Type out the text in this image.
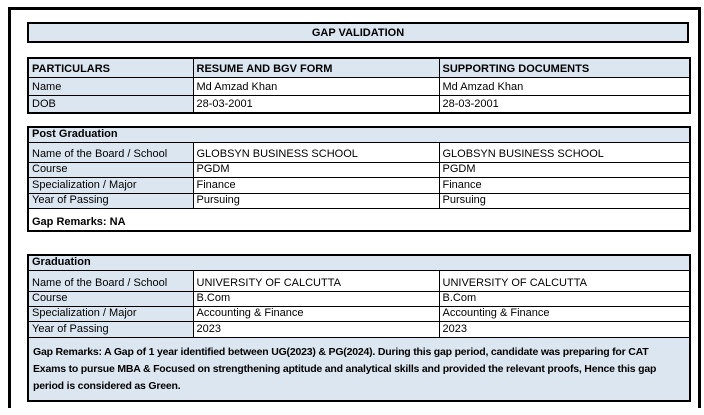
GAP VALIDATION
PARTICULARS	RESUME AND BGV FORM	SUPPORTING DOCUMENTS
Name	Md Amzad Khan	Md Amzad Khan
DOB	28-03-2001	28-03-2001
Post Graduation		
Name of the Board / School	GLOBSYN BUSINESS SCHOOL	GLOBSYN BUSINESS SCHOOL
Course	PGDM	PGDM
Specialization / Major	Finance	Finance
Year of Passing	Pursuing	Pursuing
Gap Remarks: NA		
Graduation		
Name of the Board / School	UNIVERSITY OF CALCUTTA	UNIVERSITY OF CALCUTTA
Course	B.Com	B.Com
Specialization / Major	Accounting & Finance	Accounting & Finance
Year of Passing	2023	2023
Gap Remarks: A Gap of 1 year identified between UG(2023) & PG(2024). During this gap period, candidate was preparing for CAT Exams to pursue MBA & Focused on strengthening aptitude and analytical skills and provided the relevant proofs, Hence this gap period is considered as Green.		
